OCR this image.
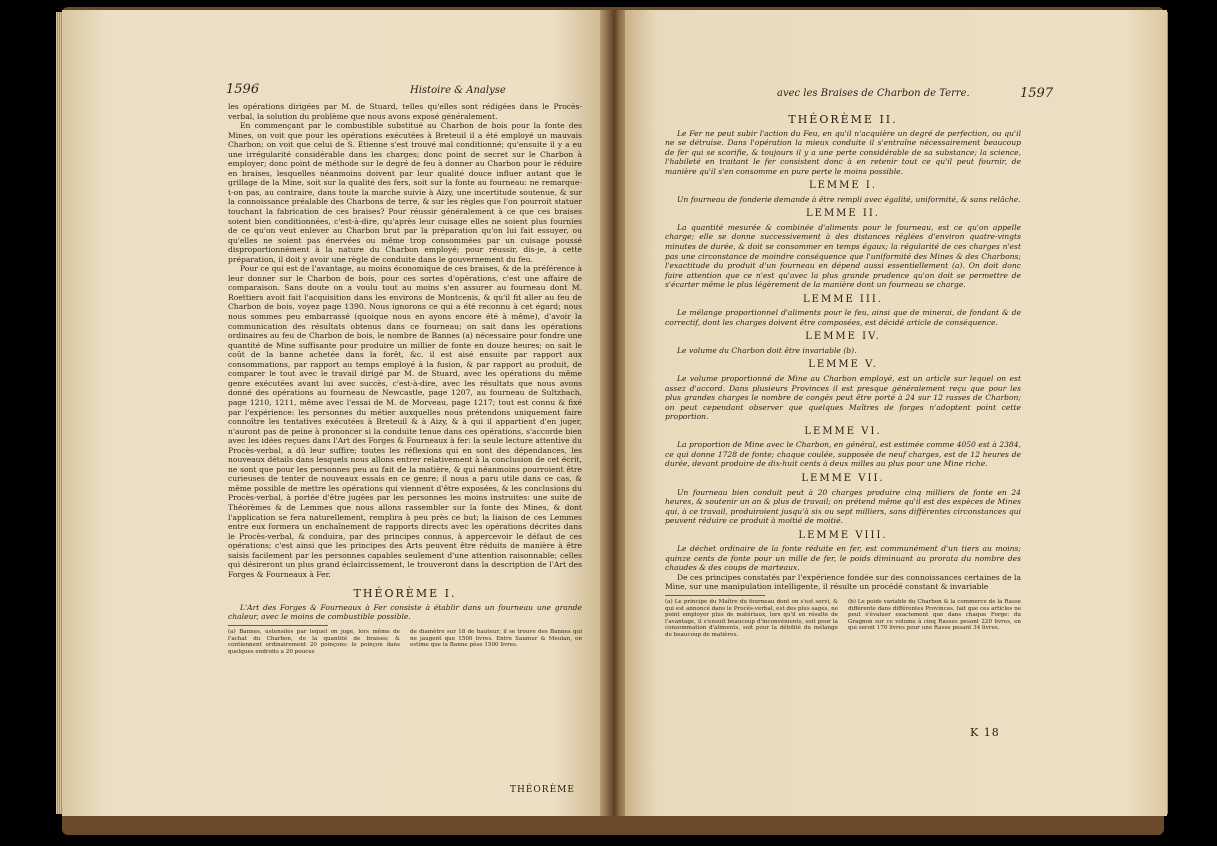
1596	Histoire & Analyse

les opérations dirigées par M. de Stuard, telles qu'elles sont rédigées dans le Procès-verbal, la solution du problème que nous avons exposé généralement.

En commençant par le combustible substitué au Charbon de bois pour la fonte des Mines, on voit que pour les opérations exécutées à Breteuil il a été employé un mauvais Charbon; on voit que celui de S. Etienne s'est trouvé mal conditionné; qu'ensuite il y a eu une irrégularité considérable dans les charges; donc point de secret sur le Charbon à employer; donc point de méthode sur le degré de feu à donner au Charbon pour le réduire en braises, lesquelles néanmoins doivent par leur qualité douce influer autant que le grillage de la Mine, soit sur la qualité des fers, soit sur la fonte au fourneau: ne remarque-t-on pas, au contraire, dans toute la marche suivie à Aizy, une incertitude soutenue, & sur la connoissance préalable des Charbons de terre, & sur les règles que l'on pourroit statuer touchant la fabrication de ces braises? Pour réussir généralement à ce que ces braises soient bien conditionnées, c'est-à-dire, qu'après leur cuisage elles ne soient plus fournies de ce qu'on veut enlever au Charbon brut par la préparation qu'on lui fait essuyer, ou qu'elles ne soient pas énervées ou même trop consommées par un cuisage poussé disproportionnément à la nature du Charbon employé; pour réussir, dis-je, à cette préparation, il doit y avoir une règle de conduite dans le gouvernement du feu.

Pour ce qui est de l'avantage, au moins économique de ces braises, & de la préférence à leur donner sur le Charbon de bois, pour ces sortes d'opérations, c'est une affaire de comparaison. Sans doute on a voulu tout au moins s'en assurer au fourneau dont M. Roettiers avoit fait l'acquisition dans les environs de Montcenis, & qu'il fit aller au feu de Charbon de bois, voyez page 1390. Nous ignorons ce qui a été reconnu à cet égard; nous nous sommes peu embarrassé (quoique nous en ayons encore été à même), d'avoir la communication des résultats obtenus dans ce fourneau; on sait dans les opérations ordinaires au feu de Charbon de bois, le nombre de Bannes (a) nécessaire pour fondre une quantité de Mine suffisante pour produire un millier de fonte en douze heures; on sait le coût de la banne achetée dans la forêt, &c. il est aisé ensuite par rapport aux consommations, par rapport au temps employé à la fusion, & par rapport au produit, de comparer le tout avec le travail dirigé par M. de Stuard, avec les opérations du même genre exécutées avant lui avec succès, c'est-à-dire, avec les résultats que nous avons donné des opérations au fourneau de Newcastle, page 1207, au fourneau de Sultzbach, page 1210, 1211, même avec l'essai de M. de Morveau, page 1217; tout est connu & fixé par l'expérience: les personnes du métier auxquelles nous prétendons uniquement faire connoître les tentatives exécutées à Breteuil & à Aizy, & à qui il appartient d'en juger, n'auront pas de peine à prononcer si la conduite tenue dans ces opérations, s'accorde bien avec les idées reçues dans l'Art des Forges & Fourneaux à fer: la seule lecture attentive du Procès-verbal, a dû leur suffire; toutes les réflexions qui en sont des dépendances, les nouveaux détails dans lesquels nous allons entrer relativement à la conclusion de cet écrit, ne sont que pour les personnes peu au fait de la matière, & qui néanmoins pourroient être curieuses de tenter de nouveaux essais en ce genre; il nous a paru utile dans ce cas, & même possible de mettre les opérations qui viennent d'être exposées, & les conclusions du Procès-verbal, à portée d'être jugées par les personnes les moins instruites: une suite de Théorèmes & de Lemmes que nous allons rassembler sur la fonte des Mines, & dont l'application se fera naturellement, remplira à peu près ce but; la liaison de ces Lemmes entre eux formera un enchaînement de rapports directs avec les opérations décrites dans le Procès-verbal, & conduira, par des principes connus, à appercevoir le défaut de ces opérations; c'est ainsi que les principes des Arts peuvent être réduits de manière à être saisis facilement par les personnes capables seulement d'une attention raisonnable; celles qui désireront un plus grand éclaircissement, le trouveront dans la description de l'Art des Forges & Fourneaux à Fer.

THÉORÈME I.

L'Art des Forges & Fourneaux à Fer consiste à établir dans un fourneau une grande chaleur, avec le moins de combustible possible.

(a) Bannes, ustensiles par lequel on juge, lors même de l'achat du Charbon, de la quantité de braises; & contiennent ordinairement 20 poinçons: le poinçon dans quelques endroits a 20 pouces
de diamètre sur 18 de hauteur; il se trouve des Bannes qui ne jaugent que 1500 livres. Entre Saumur & Meulan, on estime que la Banne pèse 1500 livres.
THÉORÈME
avec les Braises de Charbon de Terre.	1597
THÉORÈME II.

Le Fer ne peut subir l'action du Feu, en qu'il n'acquière un degré de perfection, ou qu'il ne se détruise. Dans l'opération la mieux conduite il s'entraîne nécessairement beaucoup de fer qui se scorifie, & toujours il y a une perte considérable de sa substance; la science, l'habileté en traitant le fer consistent donc à en retenir tout ce qu'il peut fournir, de manière qu'il s'en consomme en pure perte le moins possible.

LEMME I.

Un fourneau de fonderie demande à être rempli avec égalité, uniformité, & sans relâche.

LEMME II.

La quantité mesurée & combinée d'aliments pour le fourneau, est ce qu'on appelle charge; elle se donne successivement à des distances réglées d'environ quatre-vingts minutes de durée, & doit se consommer en temps égaux; la régularité de ces charges n'est pas une circonstance de moindre conséquence que l'uniformité des Mines & des Charbons; l'exactitude du produit d'un fourneau en dépend aussi essentiellement (a). On doit donc faire attention que ce n'est qu'avec la plus grande prudence qu'on doit se permettre de s'écarter même le plus légèrement de la manière dont un fourneau se charge.

LEMME III.

Le mélange proportionnel d'aliments pour le feu, ainsi que de minerai, de fondant & de correctif, dont les charges doivent être composées, est décidé article de conséquence.

LEMME IV.

Le volume du Charbon doit être invariable (b).

LEMME V.

Le volume proportionné de Mine au Charbon employé, est un article sur lequel on est assez d'accord. Dans plusieurs Provinces il est presque généralement reçu que pour les plus grandes charges le nombre de congés peut être porté à 24 sur 12 rasses de Charbon; on peut cependant observer que quelques Maîtres de forges n'adoptent point cette proportion.

LEMME VI.

La proportion de Mine avec le Charbon, en général, est estimée comme 4050 est à 2384, ce qui donne 1728 de fonte; chaque coulée, supposée de neuf charges, est de 12 heures de durée, devant produire de dix-huit cents à deux milles au plus pour une Mine riche.

LEMME VII.

Un fourneau bien conduit peut à 20 charges produire cinq milliers de fonte en 24 heures, & soutenir un an & plus de travail; on prétend même qu'il est des espèces de Mines qui, à ce travail, produiroient jusqu'à six ou sept milliers, sans différentes circonstances qui peuvent réduire ce produit à moitié de moitié.

LEMME VIII.

Le déchet ordinaire de la fonte réduite en fer, est communément d'un tiers au moins; quinze cents de fonte pour un mille de fer, le poids diminuant au prorata du nombre des chaudes & des coups de marteaux.

De ces principes constatés par l'expérience fondée sur des connoissances certaines de la Mine, sur une manipulation intelligente, il résulte un procédé constant & invariable

(a) Le principe du Maître du fourneau dont on s'est servi, & qui est annoncé dans le Procès-verbal, est des plus sages, ne point employer plus de matériaux, lors qu'il en résulte de l'avantage, il s'ensuit beaucoup d'inconvénients, soit pour la consommation d'aliments, soit pour la débilité du mélange de beaucoup de matières.
(b) Le poids variable du Charbon & la commerce de la Rasse différente dans différentes Provinces, fait que ces articles ne peut s'évaluer exactement que dans chaque Forge: du Gragnon sur ce volume à cinq Rasses pesant 220 livres, en qui seroit 170 livres pour une Rasse pesant 34 livres.
K 18
